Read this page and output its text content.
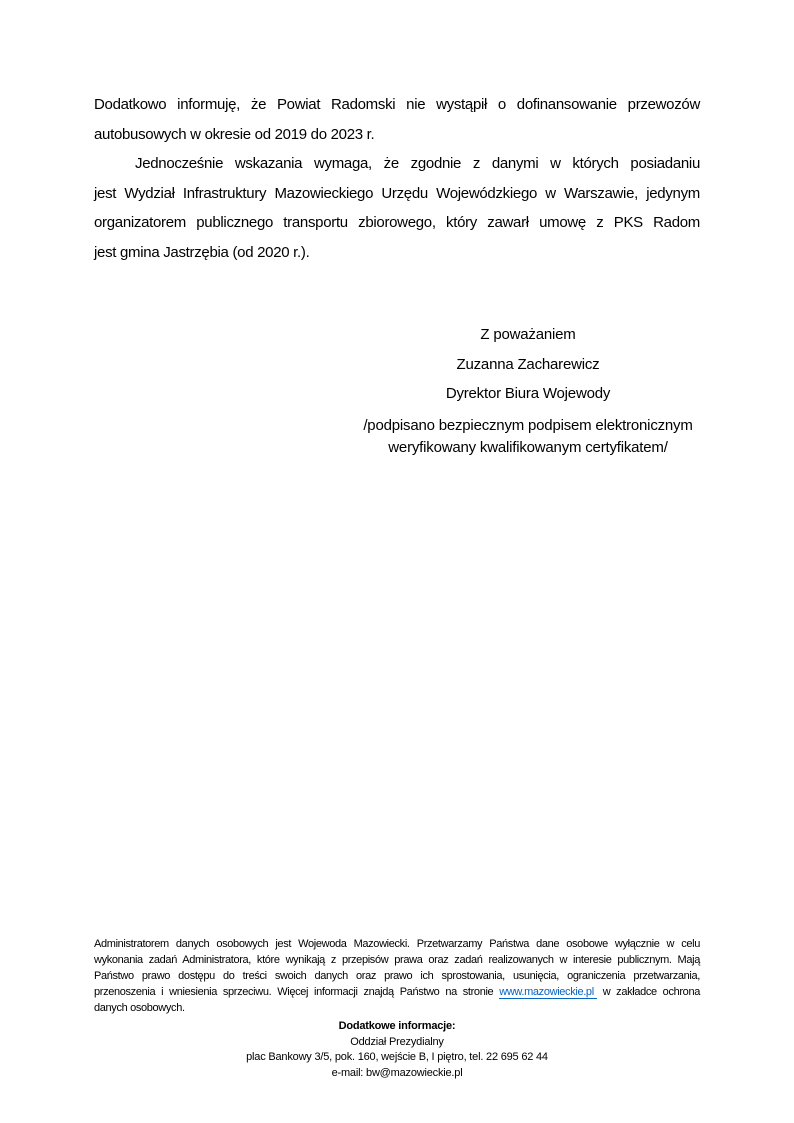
Dodatkowo informuję, że Powiat Radomski nie wystąpił o dofinansowanie przewozów
autobusowych w okresie od 2019 do 2023 r.
Jednocześnie wskazania wymaga, że zgodnie z danymi w których posiadaniu
jest Wydział Infrastruktury Mazowieckiego Urzędu Wojewódzkiego w Warszawie, jedynym
organizatorem publicznego transportu zbiorowego, który zawarł umowę z PKS Radom
jest gmina Jastrzębia (od 2020 r.).
Z poważaniem
Zuzanna Zacharewicz
Dyrektor Biura Wojewody
/podpisano bezpiecznym podpisem elektronicznym
weryfikowany kwalifikowanym certyfikatem/
Administratorem danych osobowych jest Wojewoda Mazowiecki. Przetwarzamy Państwa dane osobowe wyłącznie w celu
wykonania zadań Administratora, które wynikają z przepisów prawa oraz zadań realizowanych w interesie publicznym. Mają
Państwo prawo dostępu do treści swoich danych oraz prawo ich sprostowania, usunięcia, ograniczenia przetwarzania,
przenoszenia i wniesienia sprzeciwu. Więcej informacji znajdą Państwo na stronie www.mazowieckie.pl w zakładce ochrona
danych osobowych.
Dodatkowe informacje:
Oddział Prezydialny
plac Bankowy 3/5, pok. 160, wejście B, I piętro, tel. 22 695 62 44
e-mail: bw@mazowieckie.pl
